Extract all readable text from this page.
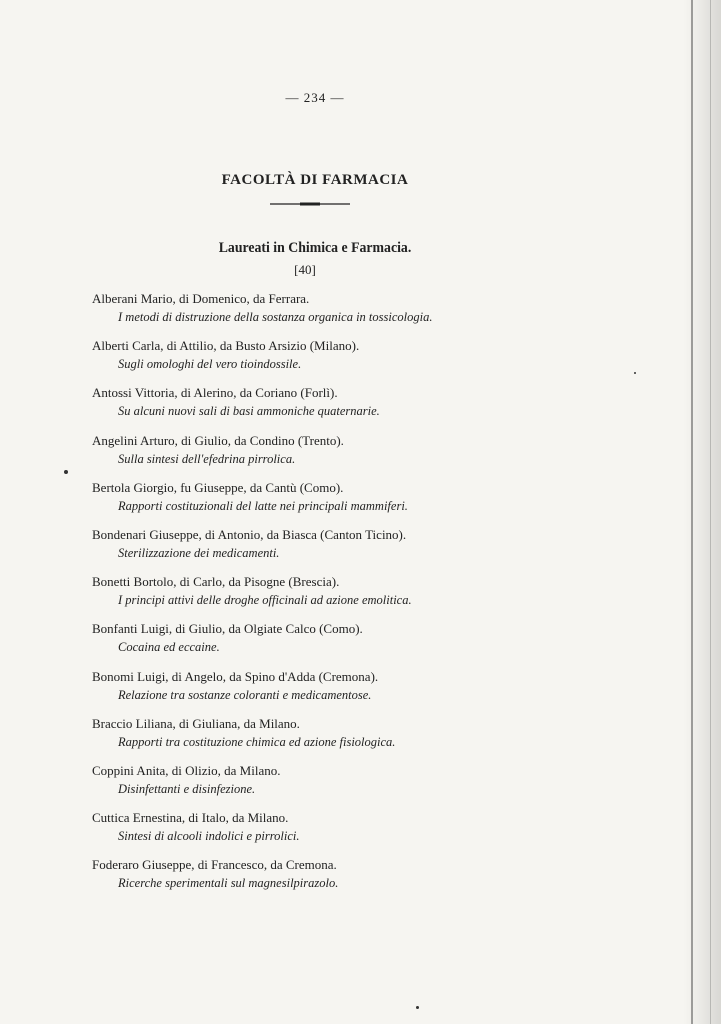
— 234 —
FACOLTÀ DI FARMACIA
Laureati in Chimica e Farmacia.
[40]
Alberani Mario, di Domenico, da Ferrara.
I metodi di distruzione della sostanza organica in tossicologia.
Alberti Carla, di Attilio, da Busto Arsizio (Milano).
Sugli omologhi del vero tioindossile.
Antossi Vittoria, di Alerino, da Coriano (Forlì).
Su alcuni nuovi sali di basi ammoniche quaternarie.
Angelini Arturo, di Giulio, da Condino (Trento).
Sulla sintesi dell'efedrina pirrolica.
Bertola Giorgio, fu Giuseppe, da Cantù (Como).
Rapporti costituzionali del latte nei principali mammiferi.
Bondenari Giuseppe, di Antonio, da Biasca (Canton Ticino).
Sterilizzazione dei medicamenti.
Bonetti Bortolo, di Carlo, da Pisogne (Brescia).
I principi attivi delle droghe officinali ad azione emolitica.
Bonfanti Luigi, di Giulio, da Olgiate Calco (Como).
Cocaina ed eccaine.
Bonomi Luigi, di Angelo, da Spino d'Adda (Cremona).
Relazione tra sostanze coloranti e medicamentose.
Braccio Liliana, di Giuliana, da Milano.
Rapporti tra costituzione chimica ed azione fisiologica.
Coppini Anita, di Olizio, da Milano.
Disinfettanti e disinfezione.
Cuttica Ernestina, di Italo, da Milano.
Sintesi di alcooli indolici e pirrolici.
Foderaro Giuseppe, di Francesco, da Cremona.
Ricerche sperimentali sul magnesilpirazolo.
